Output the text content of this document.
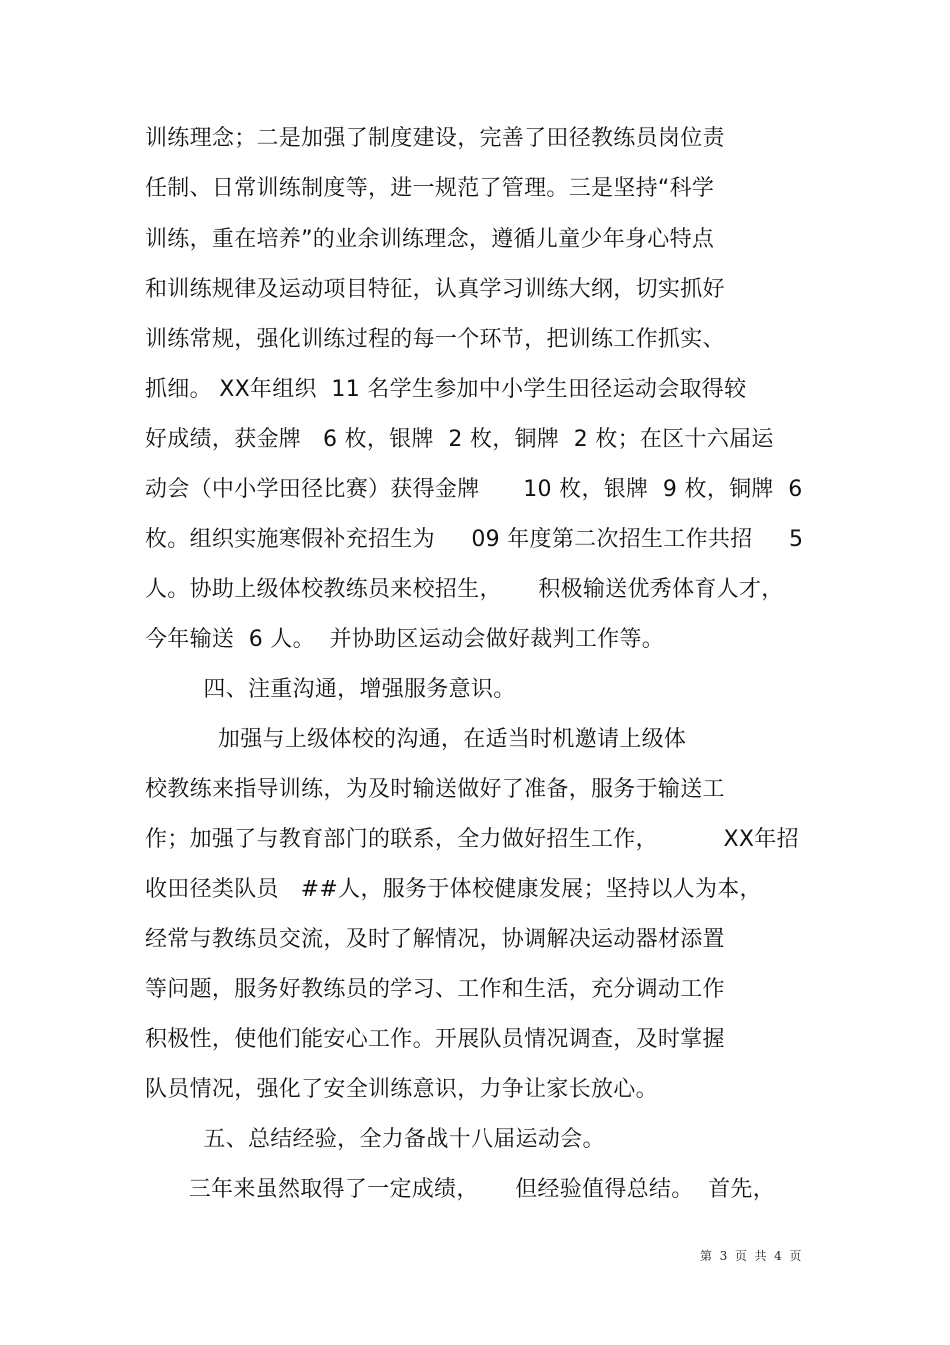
训练理念；二是加强了制度建设，完善了田径教练员岗位责
任制、日常训练制度等，进一规范了管理。三是坚持“科学
训练，重在培养”的业余训练理念，遵循儿童少年身心特点
和训练规律及运动项目特征，认真学习训练大纲，切实抓好
训练常规，强化训练过程的每一个环节，把训练工作抓实、
抓细。 XX年组织  11 名学生参加中小学生田径运动会取得较
好成绩，获金牌   6 枚，银牌  2 枚，铜牌  2 枚；在区十六届运
动会（中小学田径比赛）获得金牌      10 枚，银牌  9 枚，铜牌  6
枚。组织实施寒假补充招生为     09 年度第二次招生工作共招     5
人。协助上级体校教练员来校招生，     积极输送优秀体育人才，
今年输送  6 人。  并协助区运动会做好裁判工作等。
四、注重沟通，增强服务意识。
加强与上级体校的沟通，在适当时机邀请上级体
校教练来指导训练，为及时输送做好了准备，服务于输送工
作；加强了与教育部门的联系，全力做好招生工作，         XX年招
收田径类队员   ##人，服务于体校健康发展；坚持以人为本，
经常与教练员交流，及时了解情况，协调解决运动器材添置
等问题，服务好教练员的学习、工作和生活，充分调动工作
积极性，使他们能安心工作。开展队员情况调查，及时掌握
队员情况，强化了安全训练意识，力争让家长放心。
五、总结经验，全力备战十八届运动会。
三年来虽然取得了一定成绩，     但经验值得总结。  首先，
第  3  页  共  4  页
